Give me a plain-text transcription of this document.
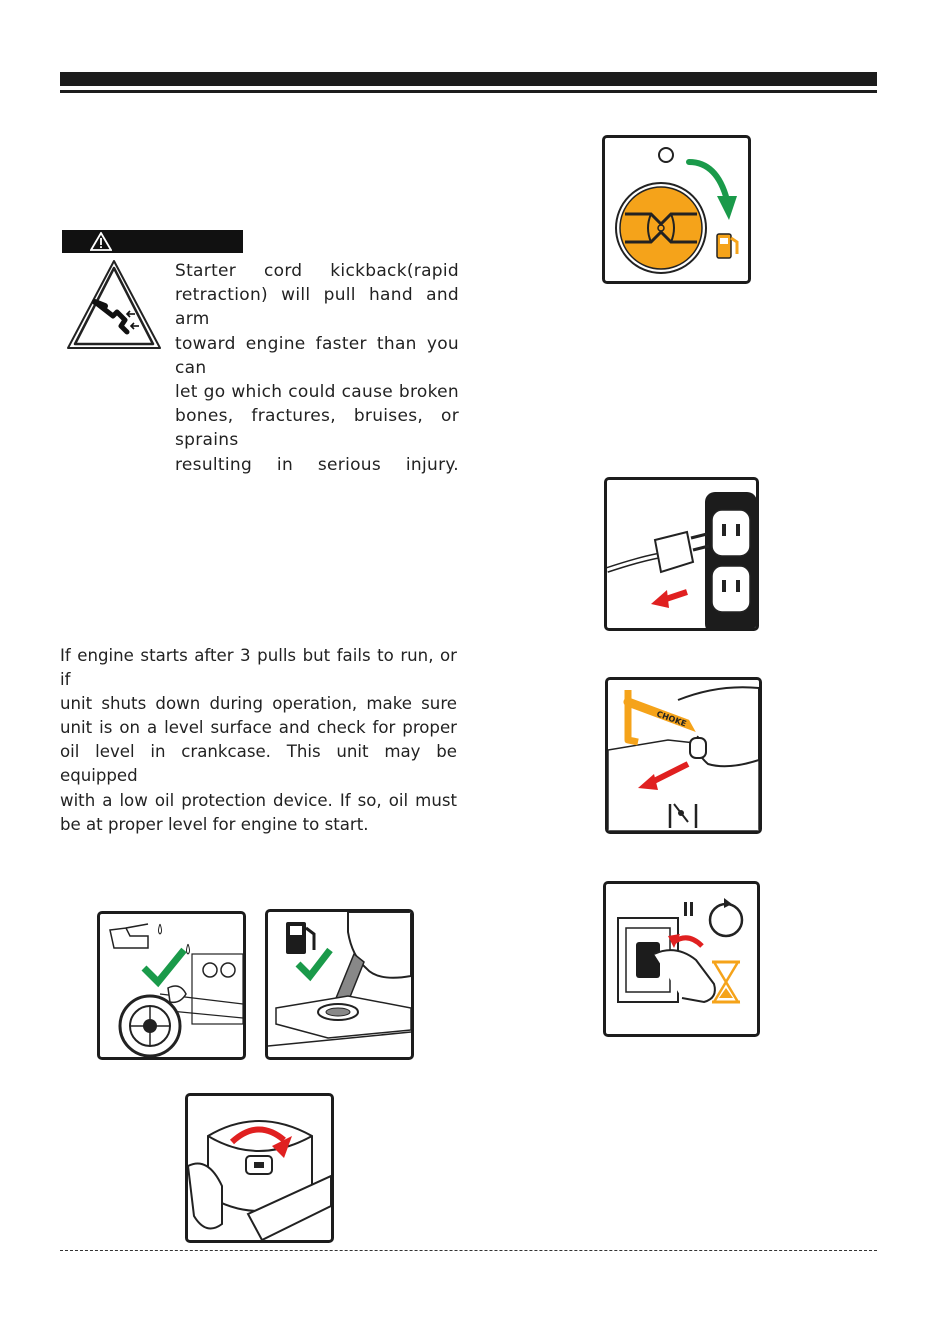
Starter cord kickback(rapid
retraction) will pull hand and arm
toward engine faster than you can
let go which could cause broken
bones, fractures, bruises, or sprains
resulting in serious injury.
If engine starts after 3 pulls but fails to run, or if
unit shuts down during operation, make sure
unit is on a level surface and check for proper
oil level in crankcase. This unit may be equipped
with a low oil protection device. If so, oil must
be at proper level for engine to start.
CHOKE
